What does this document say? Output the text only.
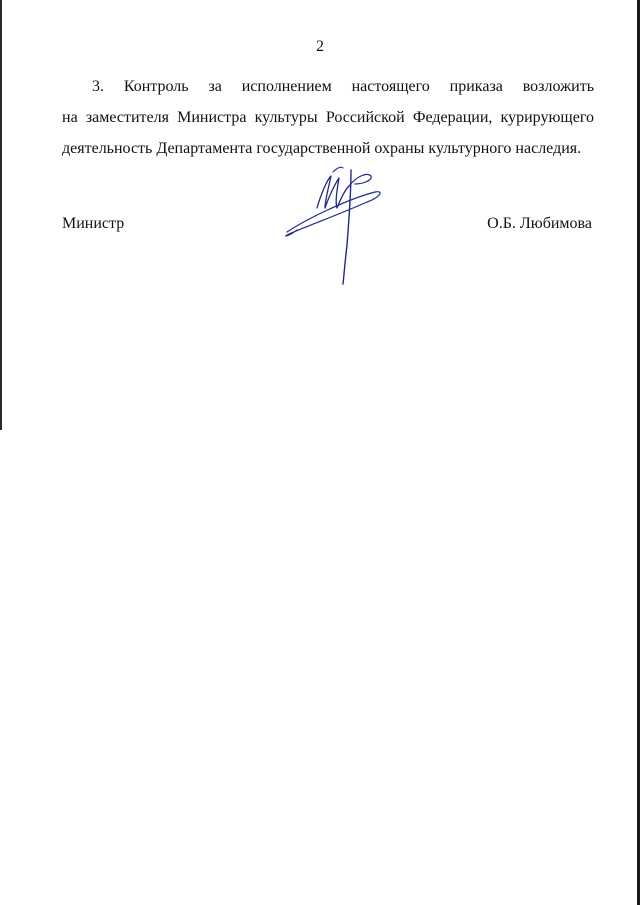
2
3. Контроль за исполнением настоящего приказа возложить
на заместителя Министра культуры Российской Федерации, курирующего
деятельность Департамента государственной охраны культурного наследия.
Министр	О.Б. Любимова
